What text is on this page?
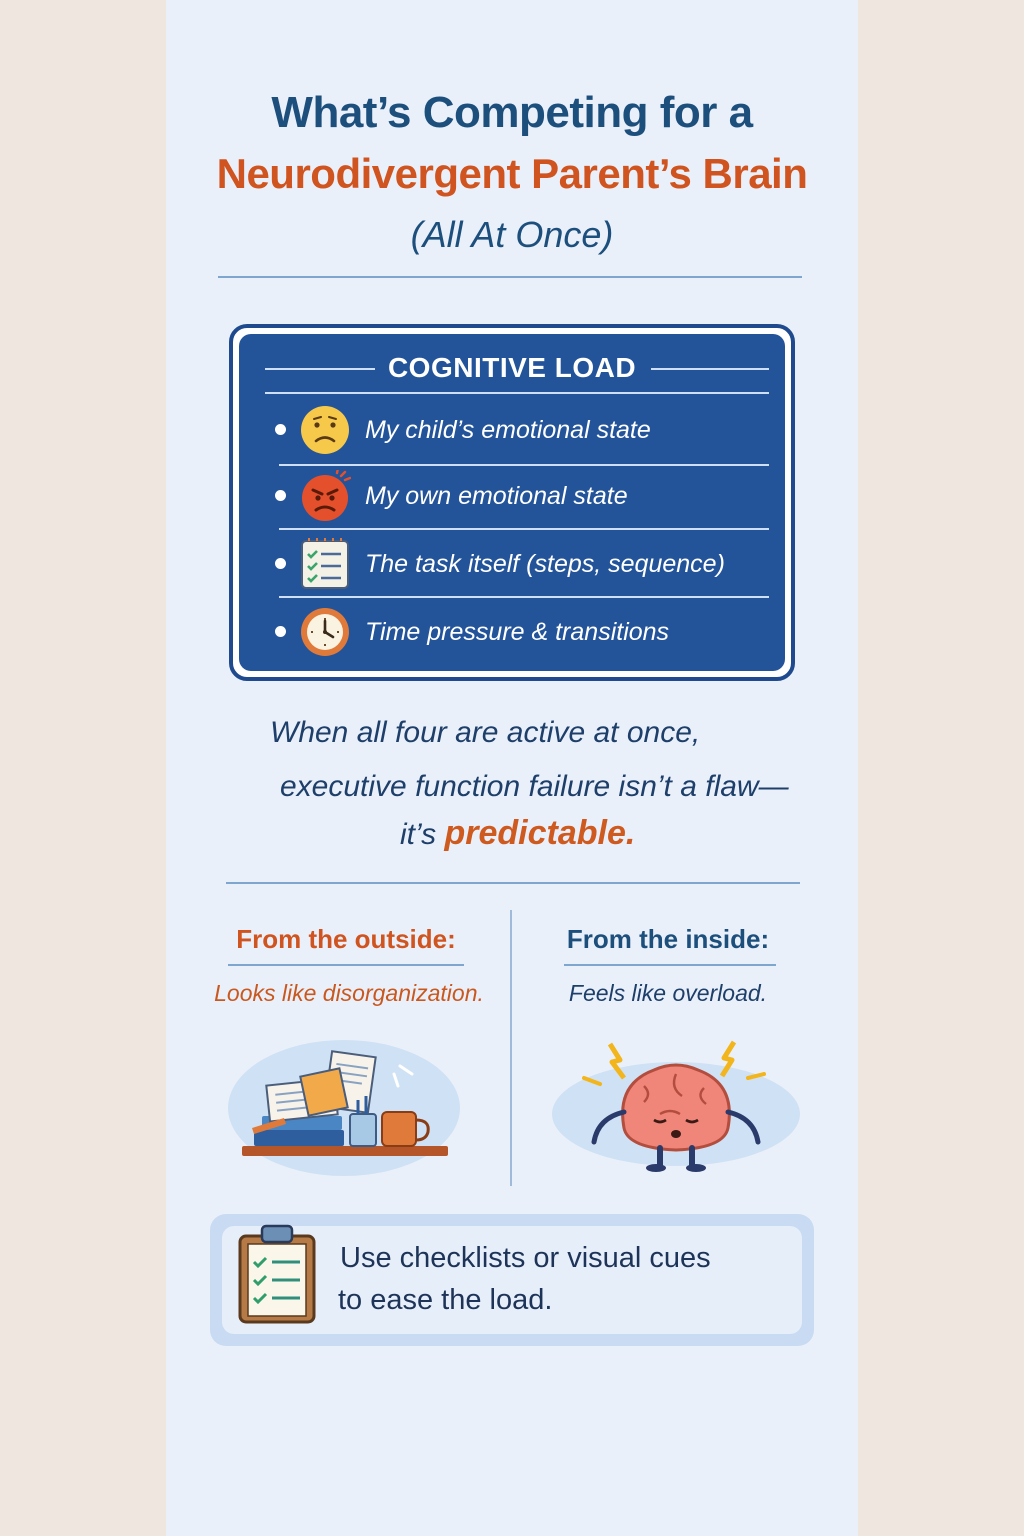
What’s Competing for a
Neurodivergent Parent’s Brain
(All At Once)
COGNITIVE LOAD
My child’s emotional state
My own emotional state
The task itself (steps, sequence)
Time pressure & transitions
When all four are active at once,
executive function failure isn’t a flaw—
it’s predictable.
From the outside:
Looks like disorganization.
From the inside:
Feels like overload.
Use checklists or visual cues
to ease the load.
